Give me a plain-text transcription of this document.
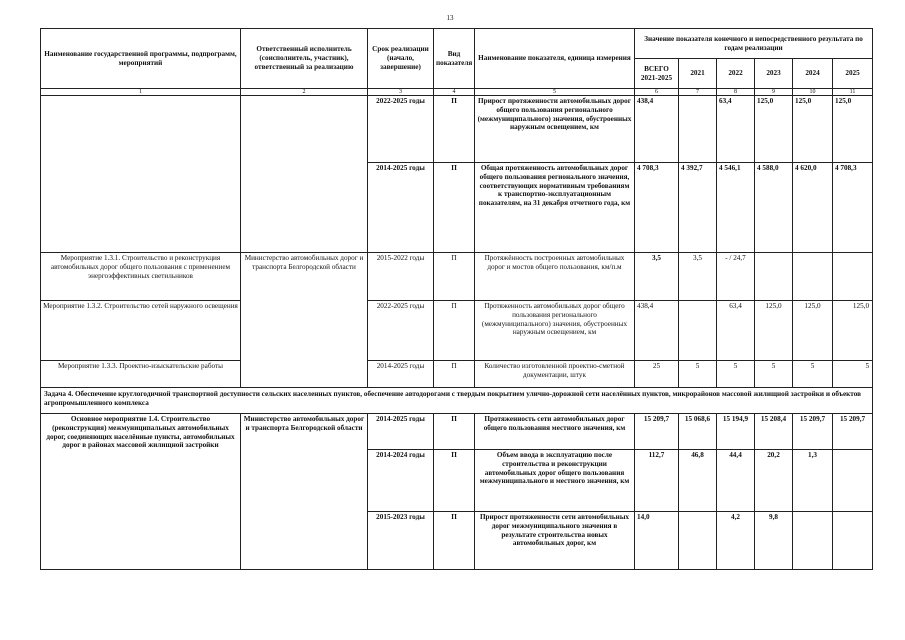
13
Наименование государственной программы, подпрограмм, мероприятий	Ответственный исполнитель (соисполнитель, участник), ответственный за реализацию	Срок реализации (начало, завершение)	Вид показателя	Наименование показателя, единица измерения	Значение показателя конечного и непосредственного результата по годам реализации					
					ВСЕГО 2021-2025	2021	2022	2023	2024	2025
1	2	3	4	5	6	7	8	9	10	11
		2022-2025 годы	П	Прирост протяженности автомобильных дорог общего пользования регионального (межмуниципального) значения, обустроенных наружным освещением, км	438,4		63,4	125,0	125,0	125,0
		2014-2025 годы	П	Общая протяженность автомобильных дорог общего пользования регионального значения, соответствующих нормативным требованиям к транспортно-эксплуатационным показателям, на 31 декабря отчетного года, км	4 708,3	4 392,7	4 546,1	4 588,0	4 620,0	4 708,3
Мероприятие 1.3.1. Строительство и реконструкция автомобильных дорог общего пользования с применением энергоэффективных светильников	Министерство автомобильных дорог и транспорта Белгородской области	2015-2022 годы	П	Протяжённость построенных автомобильных дорог и мостов общего пользования, км/п.м	3,5	3,5	- / 24,7			
Мероприятие 1.3.2. Строительство сетей наружного освещения		2022-2025 годы	П	Протяженность автомобильных дорог общего пользования регионального (межмуниципального) значения, обустроенных наружным освещением, км	438,4		63,4	125,0	125,0	125,0
Мероприятие 1.3.3. Проектно-изыскательские работы		2014-2025 годы	П	Количество изготовленной проектно-сметной документации, штук	25	5	5	5	5	5
Задача 4. Обеспечение круглогодичной транспортной доступности сельских населенных пунктов, обеспечение автодорогами с твердым покрытием улично-дорожной сети населённых пунктов, микрорайонов массовой жилищной застройки и объектов агропромышленного комплекса										
Основное мероприятие 1.4. Строительство (реконструкция) межмуниципальных автомобильных дорог, соединяющих населённые пункты, автомобильных дорог в районах массовой жилищной застройки	Министерство автомобильных дорог и транспорта Белгородской области	2014-2025 годы	П	Протяженность сети автомобильных дорог общего пользования местного значения, км	15 209,7	15 068,6	15 194,9	15 208,4	15 209,7	15 209,7
		2014-2024 годы	П	Объем ввода в эксплуатацию после строительства и реконструкции автомобильных дорог общего пользования межмуниципального и местного значения, км	112,7	46,8	44,4	20,2	1,3	
		2015-2023 годы	П	Прирост протяженности сети автомобильных дорог межмуниципального значения в результате строительства новых автомобильных дорог, км	14,0		4,2	9,8		
